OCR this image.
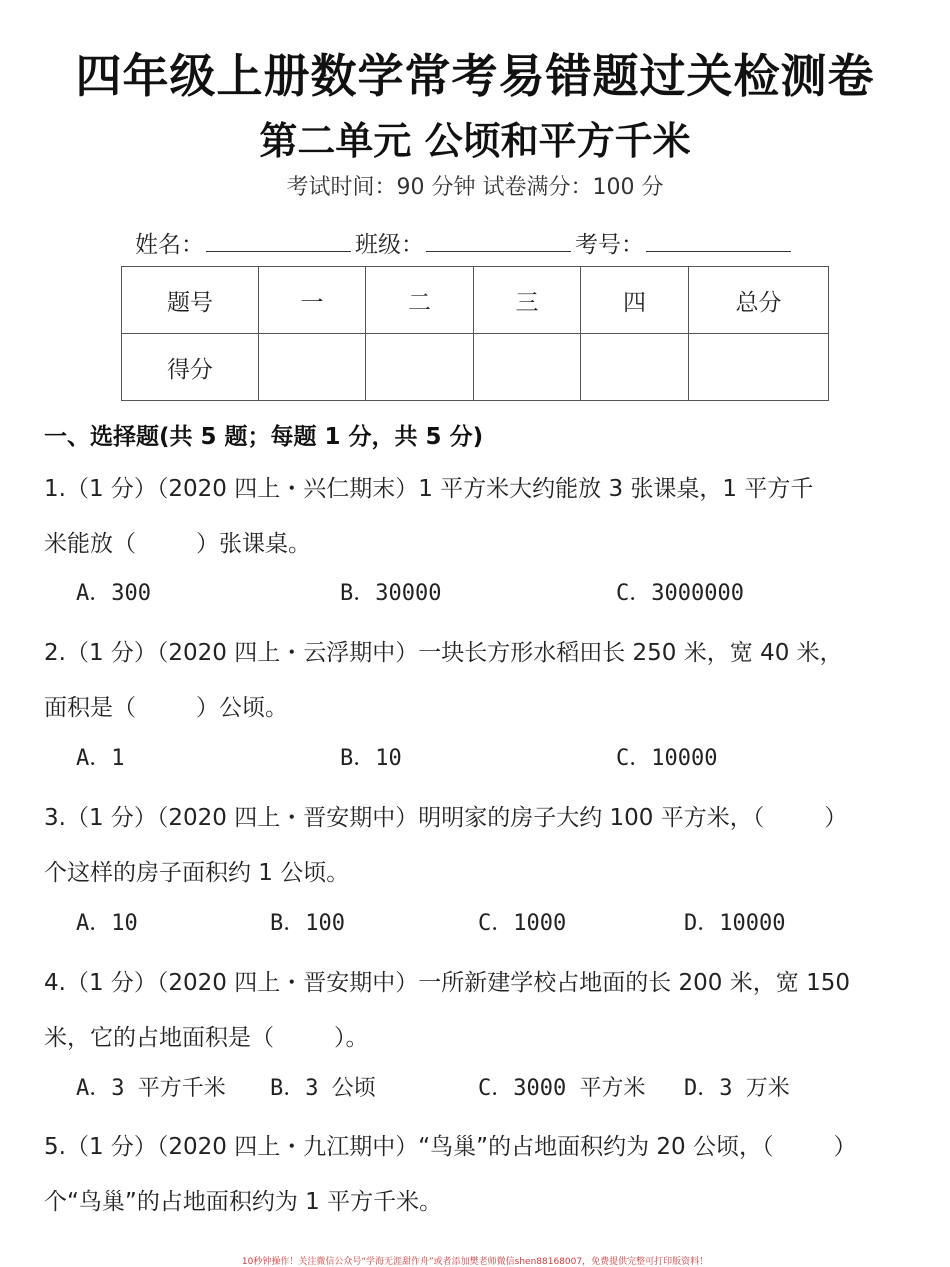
四年级上册数学常考易错题过关检测卷
第二单元 公顷和平方千米
考试时间：90 分钟 试卷满分：100 分
姓名：	班级：	考号：
题号	一	二	三	四	总分
得分					
一、选择题(共 5 题；每题 1 分，共 5 分)
1.（1 分）（2020 四上・兴仁期末）1 平方米大约能放 3 张课桌，1 平方千
米能放（	）张课桌。
A．300	B．30000	C．3000000
2.（1 分）（2020 四上・云浮期中）一块长方形水稻田长 250 米，宽 40 米，
面积是（	）公顷。
A．1	B．10	C．10000
3.（1 分）（2020 四上・晋安期中）明明家的房子大约 100 平方米，（	）
个这样的房子面积约 1 公顷。
A．10	B．100	C．1000	D．10000
4.（1 分）（2020 四上・晋安期中）一所新建学校占地面的长 200 米，宽 150
米，它的占地面积是（	）。
A．3 平方千米 B．3 公顷	C．3000 平方米 D．3 万米
5.（1 分）（2020 四上・九江期中）“鸟巢”的占地面积约为 20 公顷，（	）
个“鸟巢”的占地面积约为 1 平方千米。
10秒钟操作！关注微信公众号“学海无涯甜作舟”或者添加樊老师微信shen88168007，免费提供完整可打印版资料！
